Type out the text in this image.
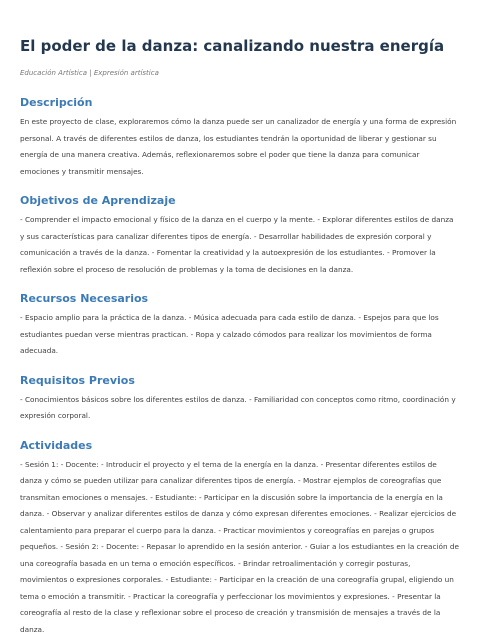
El poder de la danza: canalizando nuestra energía
Educación Artística | Expresión artística
Descripción

En este proyecto de clase, exploraremos cómo la danza puede ser un canalizador de energía y una forma de expresión personal. A través de diferentes estilos de danza, los estudiantes tendrán la oportunidad de liberar y gestionar su energía de una manera creativa. Además, reflexionaremos sobre el poder que tiene la danza para comunicar emociones y transmitir mensajes.

Objetivos de Aprendizaje

- Comprender el impacto emocional y físico de la danza en el cuerpo y la mente. - Explorar diferentes estilos de danza y sus características para canalizar diferentes tipos de energía. - Desarrollar habilidades de expresión corporal y comunicación a través de la danza. - Fomentar la creatividad y la autoexpresión de los estudiantes. - Promover la reflexión sobre el proceso de resolución de problemas y la toma de decisiones en la danza.

Recursos Necesarios

- Espacio amplio para la práctica de la danza. - Música adecuada para cada estilo de danza. - Espejos para que los estudiantes puedan verse mientras practican. - Ropa y calzado cómodos para realizar los movimientos de forma adecuada.

Requisitos Previos

- Conocimientos básicos sobre los diferentes estilos de danza. - Familiaridad con conceptos como ritmo, coordinación y expresión corporal.

Actividades

- Sesión 1: - Docente: - Introducir el proyecto y el tema de la energía en la danza. - Presentar diferentes estilos de danza y cómo se pueden utilizar para canalizar diferentes tipos de energía. - Mostrar ejemplos de coreografías que transmitan emociones o mensajes. - Estudiante: - Participar en la discusión sobre la importancia de la energía en la danza. - Observar y analizar diferentes estilos de danza y cómo expresan diferentes emociones. - Realizar ejercicios de calentamiento para preparar el cuerpo para la danza. - Practicar movimientos y coreografías en parejas o grupos pequeños. - Sesión 2: - Docente: - Repasar lo aprendido en la sesión anterior. - Guiar a los estudiantes en la creación de una coreografía basada en un tema o emoción específicos. - Brindar retroalimentación y corregir posturas, movimientos o expresiones corporales. - Estudiante: - Participar en la creación de una coreografía grupal, eligiendo un tema o emoción a transmitir. - Practicar la coreografía y perfeccionar los movimientos y expresiones. - Presentar la coreografía al resto de la clase y reflexionar sobre el proceso de creación y transmisión de mensajes a través de la danza.
